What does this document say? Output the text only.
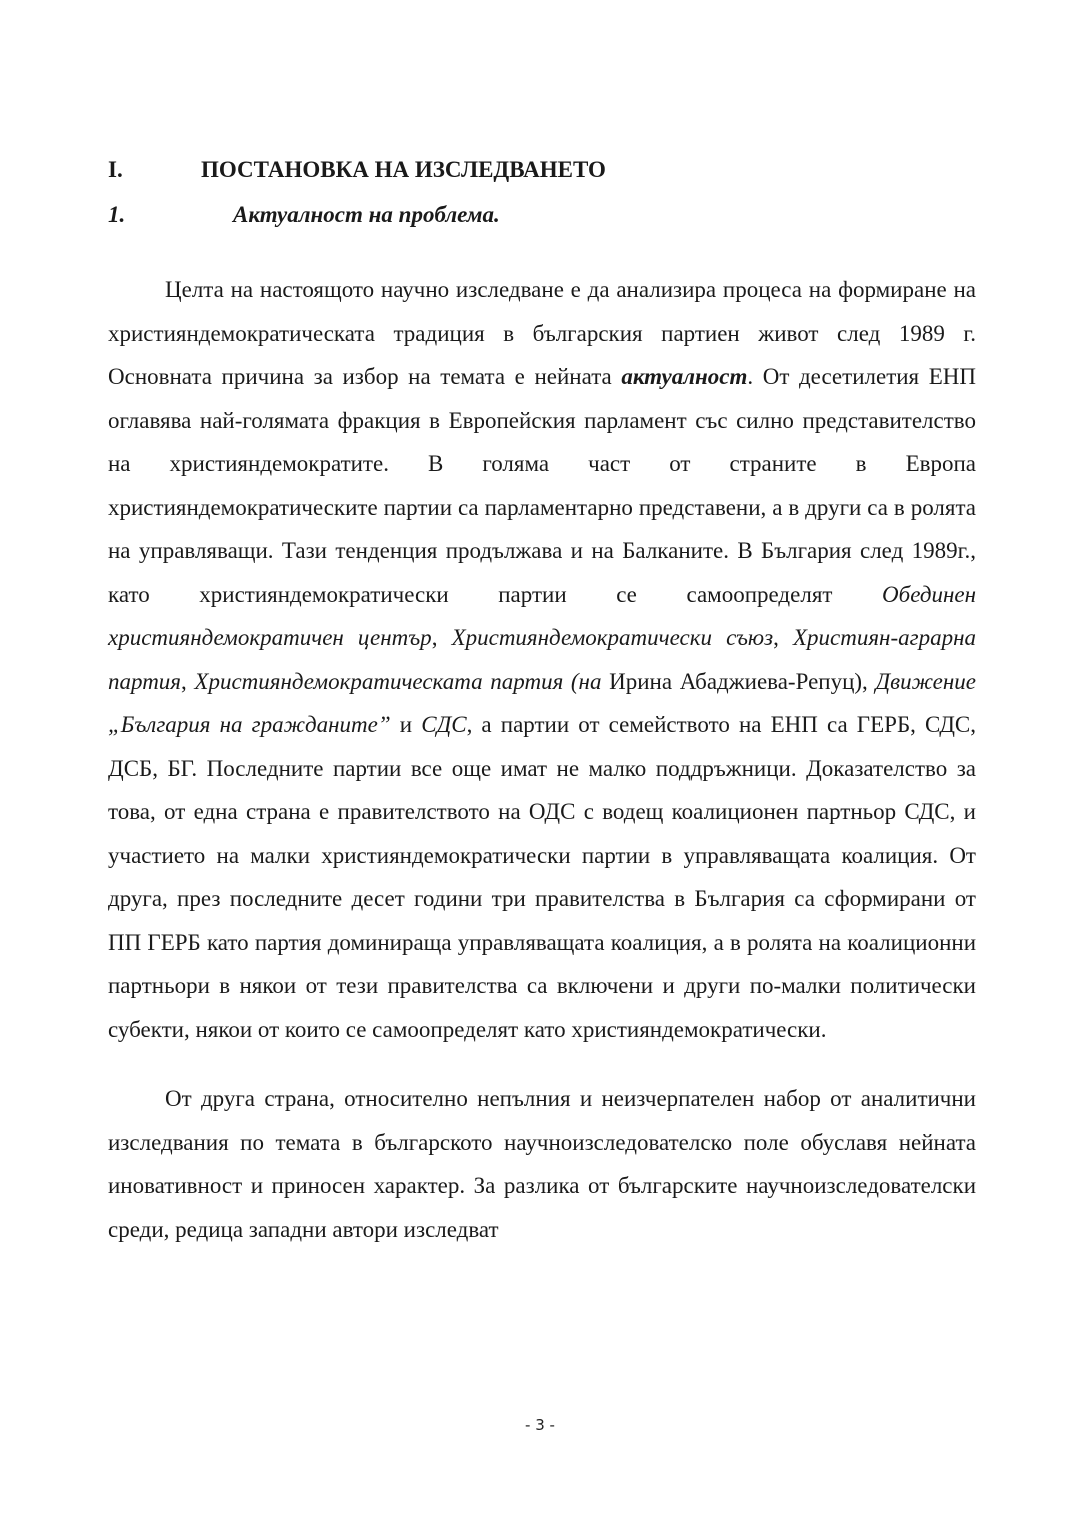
I.	ПОСТАНОВКА НА ИЗСЛЕДВАНЕТО
1.	Актуалност на проблема.

Целта на настоящото научно изследване е да анализира процеса на формиране на християндемократическата традиция в българския партиен живот след 1989 г. Основната причина за избор на темата е нейната актуалност. От десетилетия ЕНП оглавява най-голямата фракция в Европейския парламент със силно представителство на християндемократите. В голяма част от страните в Европа християндемократическите партии са парламентарно представени, а в други са в ролята на управляващи. Тази тенденция продължава и на Балканите. В България след 1989г., като християндемократически партии се самоопределят Обединен християндемократичен център, Християндемократически съюз, Християн-аграрна партия, Християндемократическата партия (на Ирина Абаджиева-Репуц), Движение „България на гражданите” и СДС, а партии от семейството на ЕНП са ГЕРБ, СДС, ДСБ, БГ. Последните партии все още имат не малко поддръжници. Доказателство за това, от една страна е правителството на ОДС с водещ коалиционен партньор СДС, и участието на малки християндемократически партии в управляващата коалиция. От друга, през последните десет години три правителства в България са сформирани от ПП ГЕРБ като партия доминираща управляващата коалиция, а в ролята на коалиционни партньори в някои от тези правителства са включени и други по-малки политически субекти, някои от които се самоопределят като християндемократически.

От друга страна, относително непълния и неизчерпателен набор от аналитични изследвания по темата в българското научноизследователско поле обуславя нейната иновативност и приносен характер. За разлика от българските научноизследователски среди, редица западни автори изследват

- 3 -
